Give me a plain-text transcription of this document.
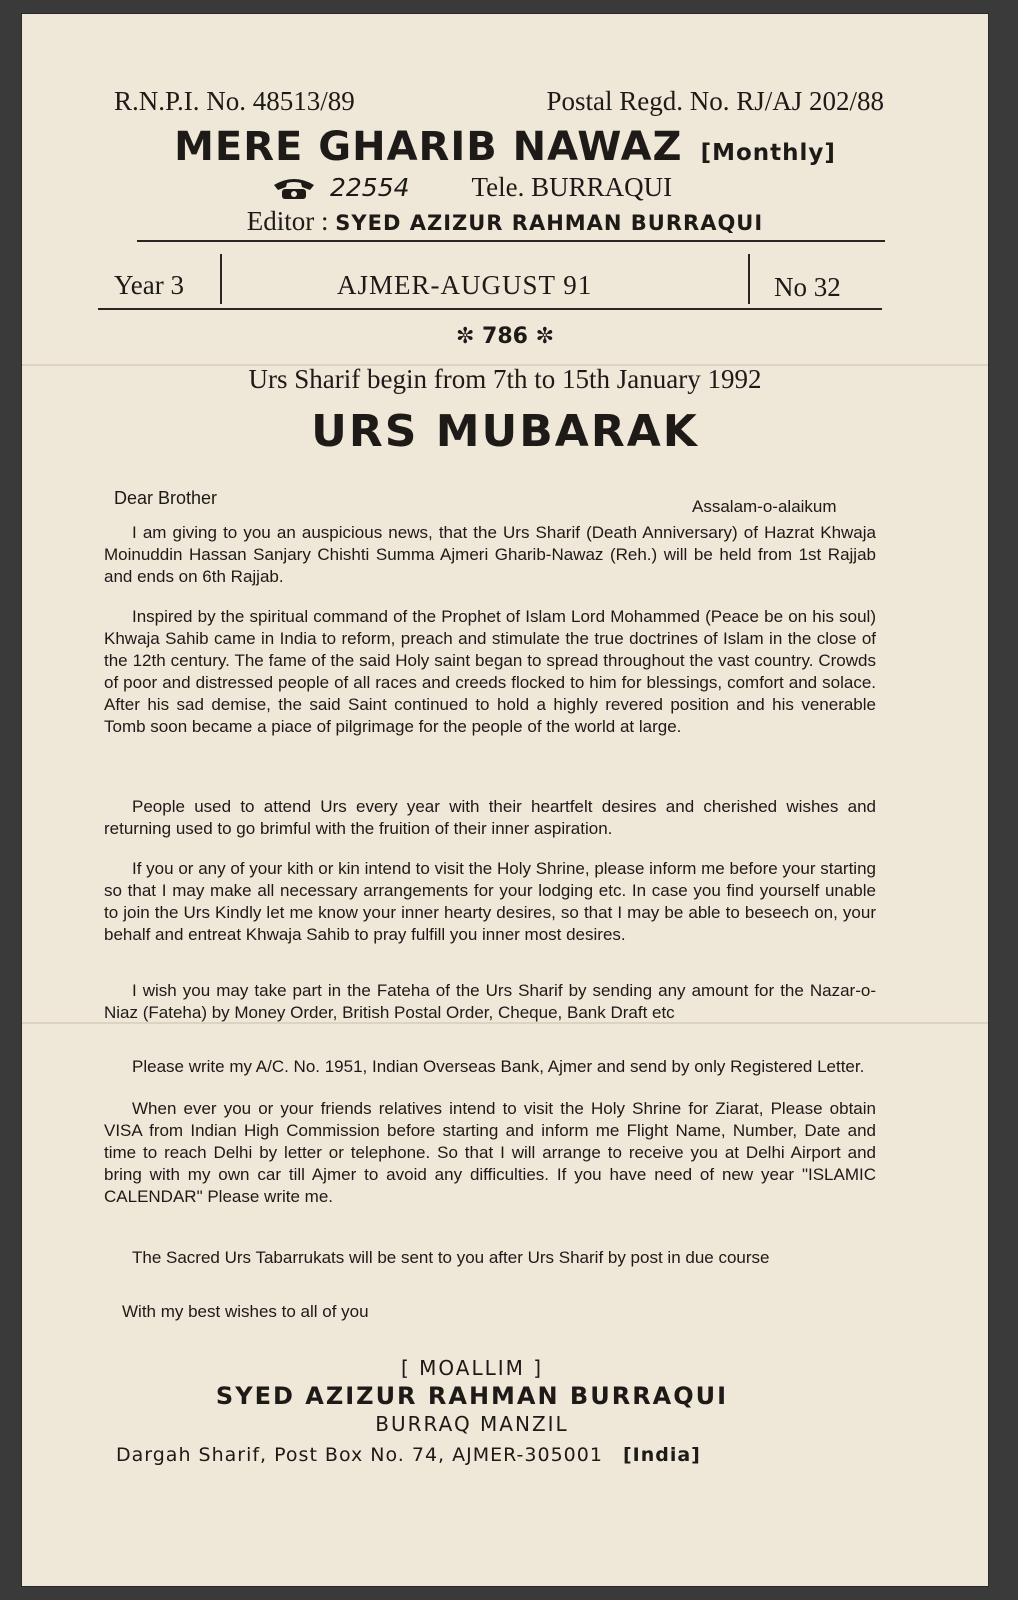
R.N.P.I. No. 48513/89	Postal Regd. No. RJ/AJ 202/88
MERE GHARIB NAWAZ [Monthly]
22554 Tele. BURRAQUI
Editor : SYED AZIZUR RAHMAN BURRAQUI
Year 3	AJMER-AUGUST 91	No 32
✼ 786 ✼
Urs Sharif begin from 7th to 15th January 1992
URS MUBARAK
Dear Brother	Assalam-o-alaikum

I am giving to you an auspicious news, that the Urs Sharif (Death Anniversary) of Hazrat Khwaja Moinuddin Hassan Sanjary Chishti Summa Ajmeri Gharib-Nawaz (Reh.) will be held from 1st Rajjab and ends on 6th Rajjab.

Inspired by the spiritual command of the Prophet of Islam Lord Mohammed (Peace be on his soul) Khwaja Sahib came in India to reform, preach and stimulate the true doctrines of Islam in the close of the 12th century. The fame of the said Holy saint began to spread throughout the vast country. Crowds of poor and distressed people of all races and creeds flocked to him for blessings, comfort and solace. After his sad demise, the said Saint continued to hold a highly revered position and his venerable Tomb soon became a piace of pilgrimage for the people of the world at large.

People used to attend Urs every year with their heartfelt desires and cherished wishes and returning used to go brimful with the fruition of their inner aspiration.

If you or any of your kith or kin intend to visit the Holy Shrine, please inform me before your starting so that I may make all necessary arrangements for your lodging etc. In case you find yourself unable to join the Urs Kindly let me know your inner hearty desires, so that I may be able to beseech on, your behalf and entreat Khwaja Sahib to pray fulfill you inner most desires.

I wish you may take part in the Fateha of the Urs Sharif by sending any amount for the Nazar-o-Niaz (Fateha) by Money Order, British Postal Order, Cheque, Bank Draft etc

Please write my A/C. No. 1951, Indian Overseas Bank, Ajmer and send by only Registered Letter.

When ever you or your friends relatives intend to visit the Holy Shrine for Ziarat, Please obtain VISA from Indian High Commission before starting and inform me Flight Name, Number, Date and time to reach Delhi by letter or telephone. So that I will arrange to receive you at Delhi Airport and bring with my own car till Ajmer to avoid any difficulties. If you have need of new year "ISLAMIC CALENDAR" Please write me.

The Sacred Urs Tabarrukats will be sent to you after Urs Sharif by post in due course

With my best wishes to all of you
[ MOALLIM ]
SYED AZIZUR RAHMAN BURRAQUI
BURRAQ MANZIL
Dargah Sharif, Post Box No. 74, AJMER-305001 [India]
